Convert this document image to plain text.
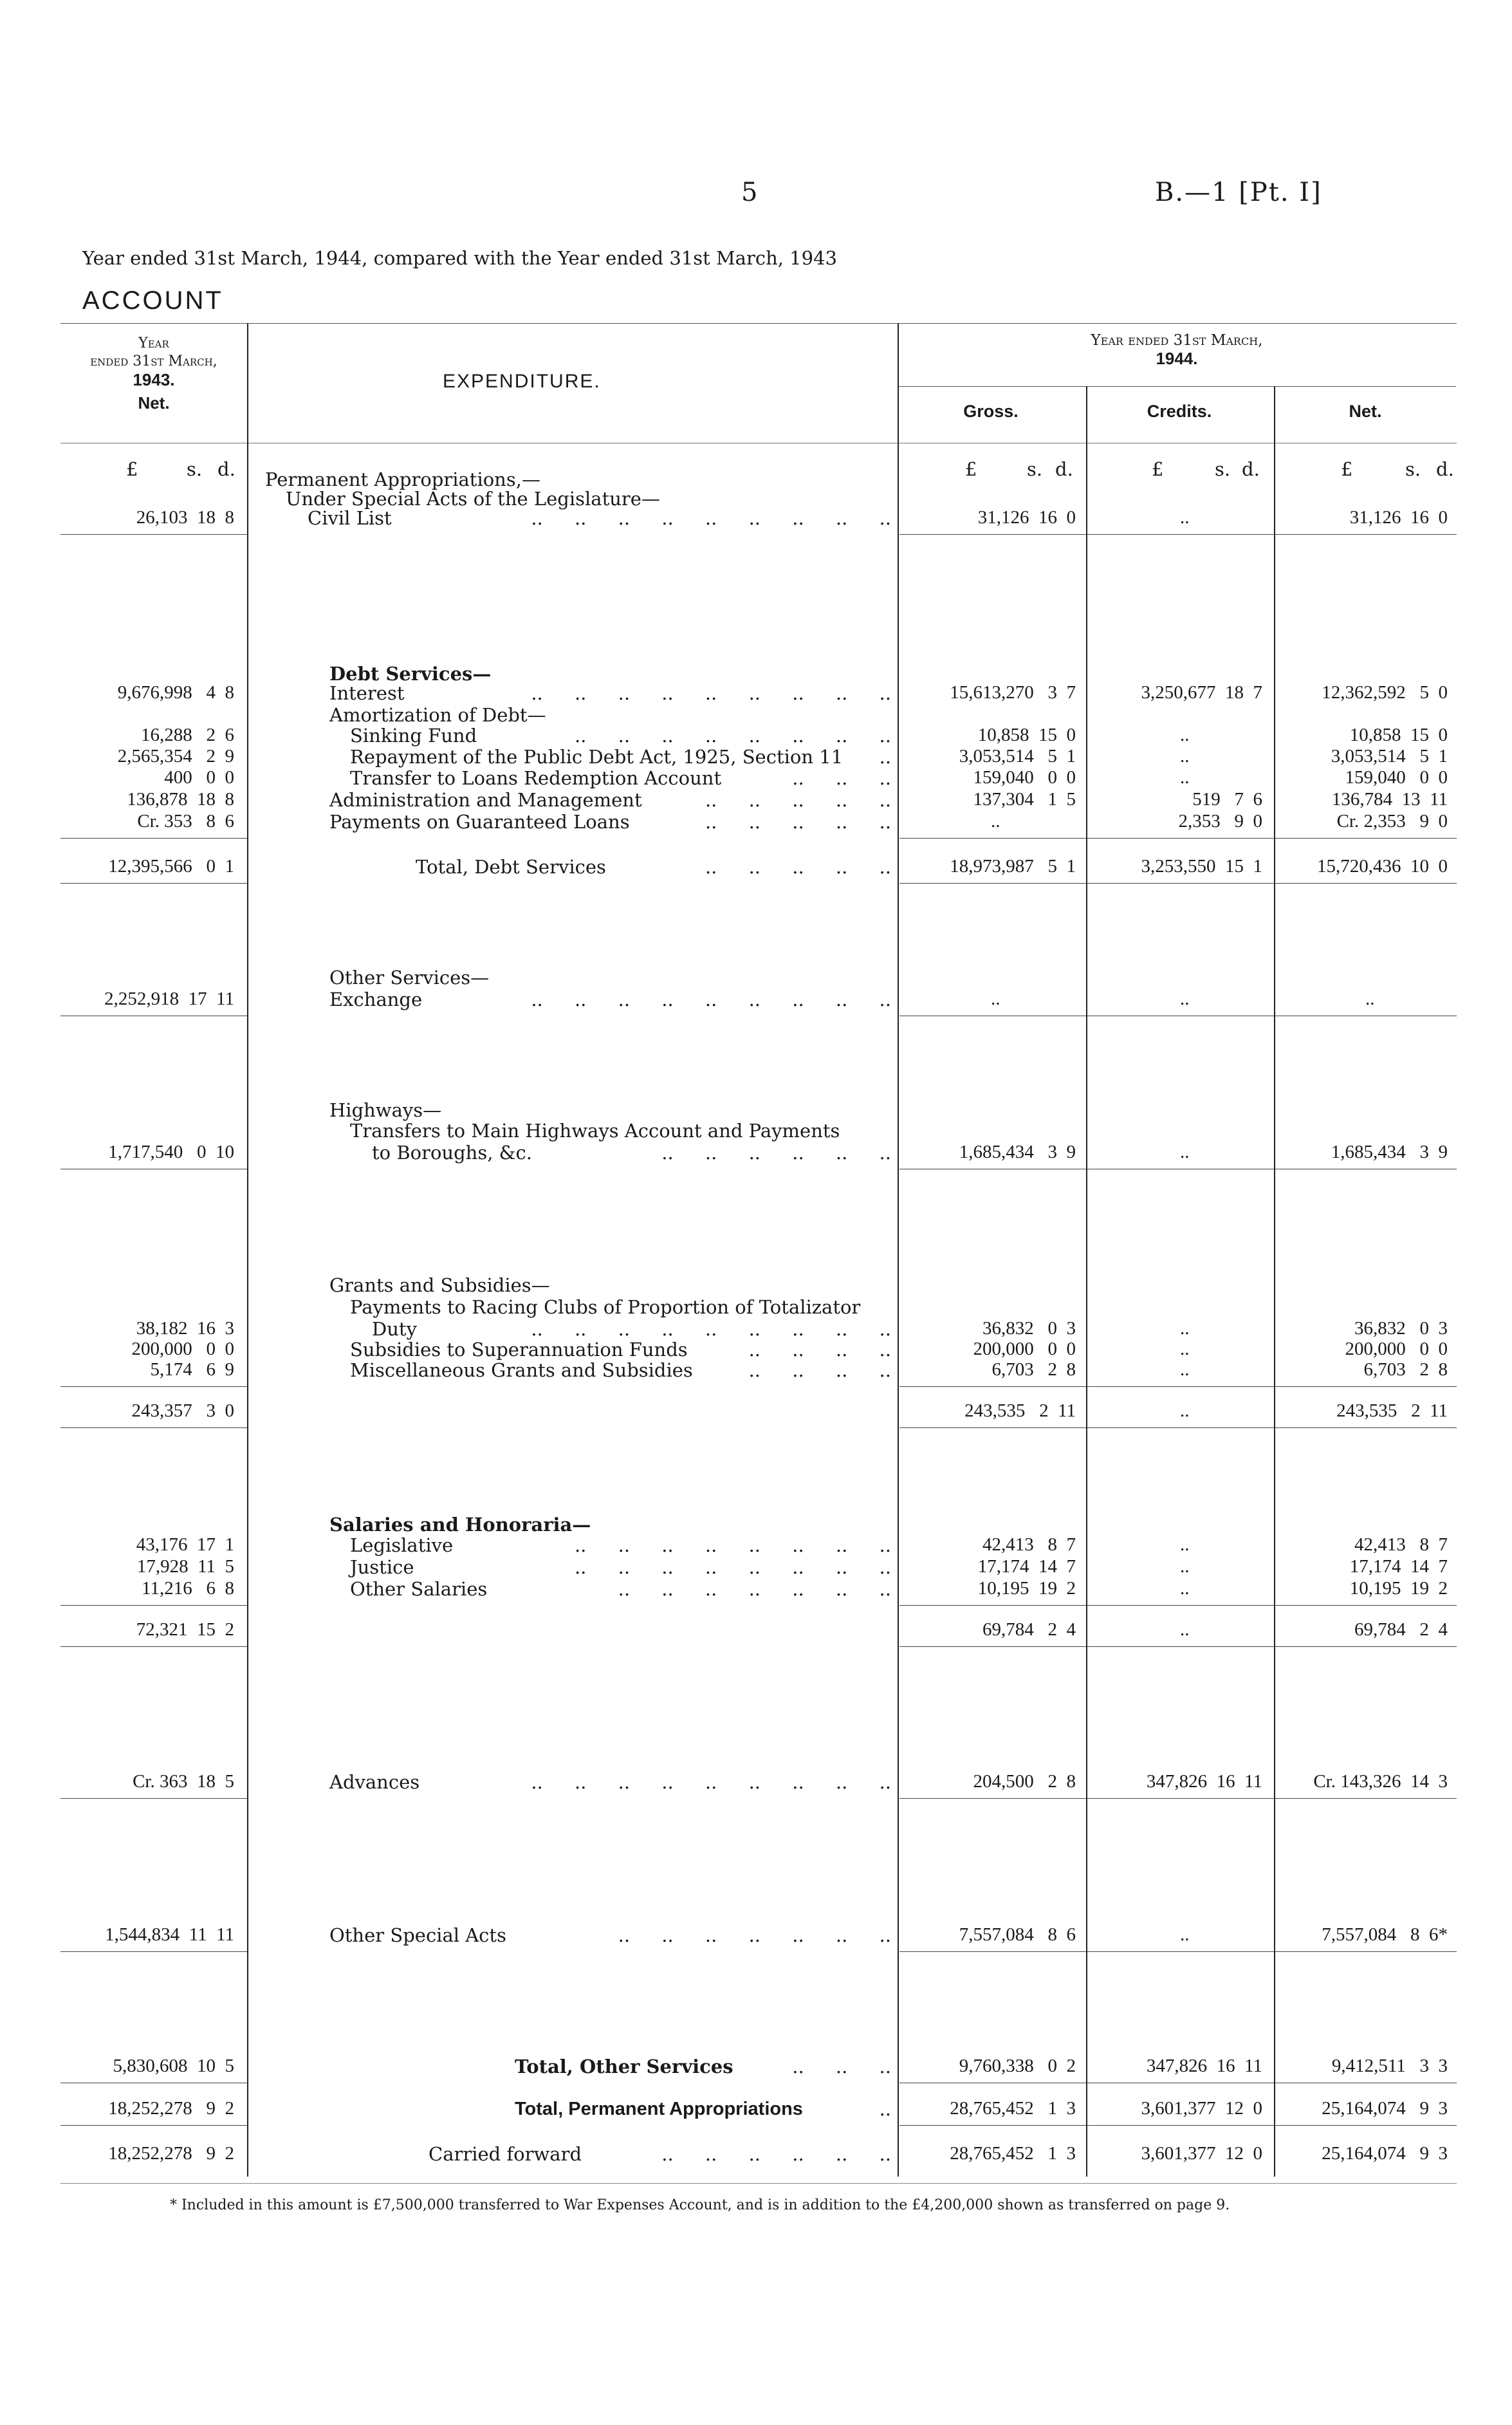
5	B.—1 [Pt. I]
Year ended 31st March, 1944, compared with the Year ended 31st March, 1943
ACCOUNT
Year
ended 31st March,
1943.
Net.
EXPENDITURE.
Year ended 31st March,
1944.
Gross.	Credits.	Net.
£	s. d.	£	s. d.	£	s. d.	£	s. d.
Permanent Appropriations,—
Under Special Acts of the Legislature—
Civil List	.. .. .. .. .. .. .. .. ..
26,103  18  8	31,126  16  0	..	31,126  16  0
Debt Services—
Interest	.. .. .. .. .. .. .. .. ..
9,676,998   4  8	15,613,270   3  7	3,250,677  18  7	12,362,592   5  0
Amortization of Debt—
Sinking Fund	.. .. .. .. .. .. .. ..
16,288   2  6	10,858  15  0	..	10,858  15  0
Repayment of the Public Debt Act, 1925, Section 11 ..
2,565,354   2  9	3,053,514   5  1	..	3,053,514   5  1
Transfer to Loans Redemption Account	.. .. ..
400   0  0	159,040   0  0	..	159,040   0  0
Administration and Management	.. .. .. .. ..
136,878  18  8	137,304   1  5	519   7  6	136,784  13  11
Payments on Guaranteed Loans	.. .. .. .. ..
Cr. 353   8  6	..	2,353   9  0	Cr. 2,353   9  0
Total, Debt Services	.. .. .. .. ..
12,395,566   0  1	18,973,987   5  1	3,253,550  15  1	15,720,436  10  0
Other Services—
Exchange	.. .. .. .. .. .. .. .. ..
2,252,918  17  11	..	..	..
Highways—
Transfers to Main Highways Account and Payments
to Boroughs, &c.	.. .. .. .. .. ..
1,717,540   0  10	1,685,434   3  9	..	1,685,434   3  9
Grants and Subsidies—
Payments to Racing Clubs of Proportion of Totalizator
Duty	.. .. .. .. .. .. .. .. ..
38,182  16  3	36,832   0  3	..	36,832   0  3
Subsidies to Superannuation Funds	.. .. .. ..
200,000   0  0	200,000   0  0	..	200,000   0  0
Miscellaneous Grants and Subsidies	.. .. .. ..
5,174   6  9	6,703   2  8	..	6,703   2  8
243,357   3  0	243,535   2  11	..	243,535   2  11
Salaries and Honoraria—
Legislative	.. .. .. .. .. .. .. ..
43,176  17  1	42,413   8  7	..	42,413   8  7
Justice	.. .. .. .. .. .. .. ..
17,928  11  5	17,174  14  7	..	17,174  14  7
Other Salaries	.. .. .. .. .. .. ..
11,216   6  8	10,195  19  2	..	10,195  19  2
72,321  15  2	69,784   2  4	..	69,784   2  4
Advances	.. .. .. .. .. .. .. .. ..
Cr. 363  18  5	204,500   2  8	347,826  16  11	Cr. 143,326  14  3
Other Special Acts	.. .. .. .. .. .. ..
1,544,834  11  11	7,557,084   8  6	..	7,557,084   8  6*
Total, Other Services	.. .. ..
5,830,608  10  5	9,760,338   0  2	347,826  16  11	9,412,511   3  3
Total, Permanent Appropriations	..
18,252,278   9  2	28,765,452   1  3	3,601,377  12  0	25,164,074   9  3
Carried forward	.. .. .. .. .. ..
18,252,278   9  2	28,765,452   1  3	3,601,377  12  0	25,164,074   9  3
* Included in this amount is £7,500,000 transferred to War Expenses Account, and is in addition to the £4,200,000 shown as transferred on page 9.
